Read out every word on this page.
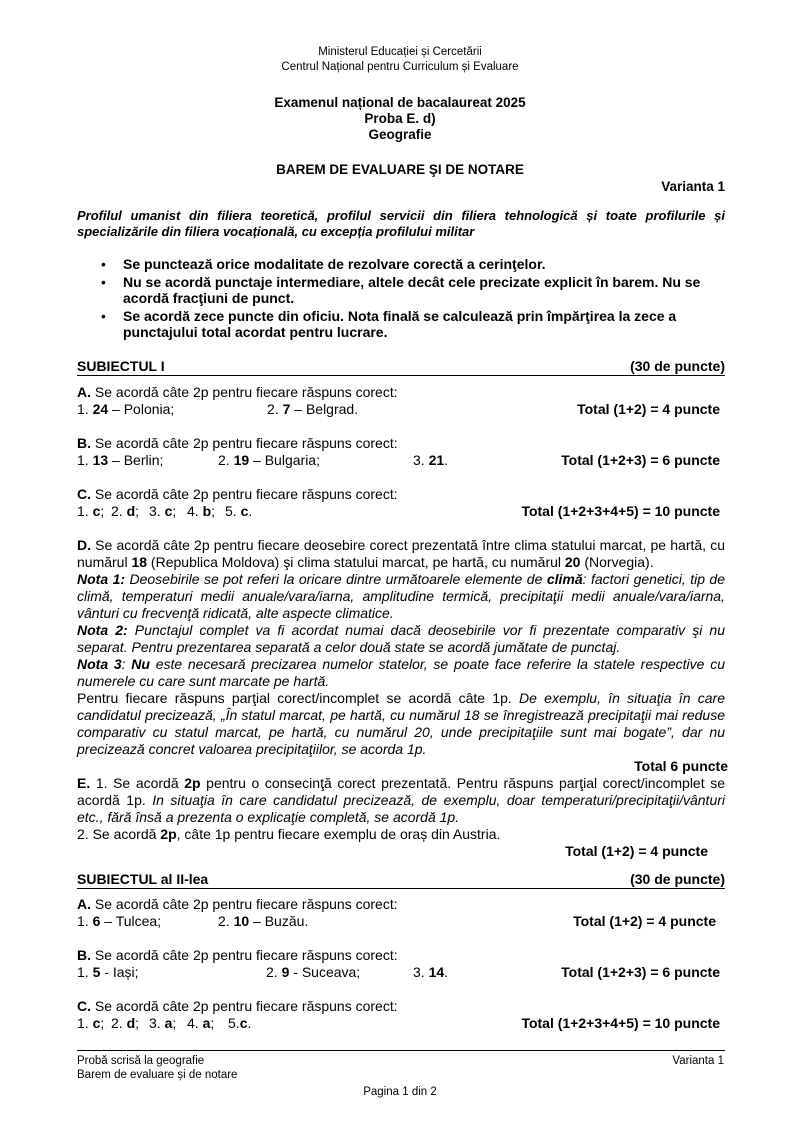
Ministerul Educației și Cercetării
Centrul Național pentru Curriculum și Evaluare
Examenul național de bacalaureat 2025
Proba E. d)
Geografie
BAREM DE EVALUARE ŞI DE NOTARE
Varianta 1
Profilul umanist din filiera teoretică, profilul servicii din filiera tehnologică și toate profilurile și specializările din filiera vocațională, cu excepția profilului militar
• Se punctează orice modalitate de rezolvare corectă a cerinţelor.
• Nu se acordă punctaje intermediare, altele decât cele precizate explicit în barem. Nu se acordă fracţiuni de punct.
• Se acordă zece puncte din oficiu. Nota finală se calculează prin împărţirea la zece a punctajului total acordat pentru lucrare.
SUBIECTUL I	(30 de puncte)
A. Se acordă câte 2p pentru fiecare răspuns corect:
1. 24 – Polonia;	2. 7 – Belgrad.	Total (1+2) = 4 puncte
B. Se acordă câte 2p pentru fiecare răspuns corect:
1. 13 – Berlin;	2. 19 – Bulgaria;	3. 21.	Total (1+2+3) = 6 puncte
C. Se acordă câte 2p pentru fiecare răspuns corect:
1. c; 2. d; 3. c; 4. b; 5. c.	Total (1+2+3+4+5) = 10 puncte
D. Se acordă câte 2p pentru fiecare deosebire corect prezentată între clima statului marcat, pe hartă, cu numărul 18 (Republica Moldova) şi clima statului marcat, pe hartă, cu numărul 20 (Norvegia).
Nota 1: Deosebirile se pot referi la oricare dintre următoarele elemente de climă: factori genetici, tip de climă, temperaturi medii anuale/vara/iarna, amplitudine termică, precipitaţii medii anuale/vara/iarna, vânturi cu frecvenţă ridicată, alte aspecte climatice.
Nota 2: Punctajul complet va fi acordat numai dacă deosebirile vor fi prezentate comparativ şi nu separat. Pentru prezentarea separată a celor două state se acordă jumătate de punctaj.
Nota 3: Nu este necesară precizarea numelor statelor, se poate face referire la statele respective cu numerele cu care sunt marcate pe hartă.
Pentru fiecare răspuns parţial corect/incomplet se acordă câte 1p. De exemplu, în situaţia în care candidatul precizează, „În statul marcat, pe hartă, cu numărul 18 se înregistrează precipitaţii mai reduse comparativ cu statul marcat, pe hartă, cu numărul 20, unde precipitaţiile sunt mai bogate”, dar nu precizează concret valoarea precipitaţiilor, se acorda 1p.
Total 6 puncte
E. 1. Se acordă 2p pentru o consecinţă corect prezentată. Pentru răspuns parţial corect/incomplet se acordă 1p. In situaţia în care candidatul precizează, de exemplu, doar temperaturi/precipitaţii/vânturi etc., fără însă a prezenta o explicaţie completă, se acordă 1p.
2. Se acordă 2p, câte 1p pentru fiecare exemplu de oraș din Austria.
Total (1+2) = 4 puncte
SUBIECTUL al II-lea	(30 de puncte)
A. Se acordă câte 2p pentru fiecare răspuns corect:
1. 6 – Tulcea;	2. 10 – Buzău.	Total (1+2) = 4 puncte
B. Se acordă câte 2p pentru fiecare răspuns corect:
1. 5 - Iași;	2. 9 - Suceava;	3. 14.	Total (1+2+3) = 6 puncte
C. Se acordă câte 2p pentru fiecare răspuns corect:
1. c; 2. d; 3. a; 4. a; 5.c.	Total (1+2+3+4+5) = 10 puncte
Probă scrisă la geografie
Barem de evaluare și de notare
Varianta 1
Pagina 1 din 2
